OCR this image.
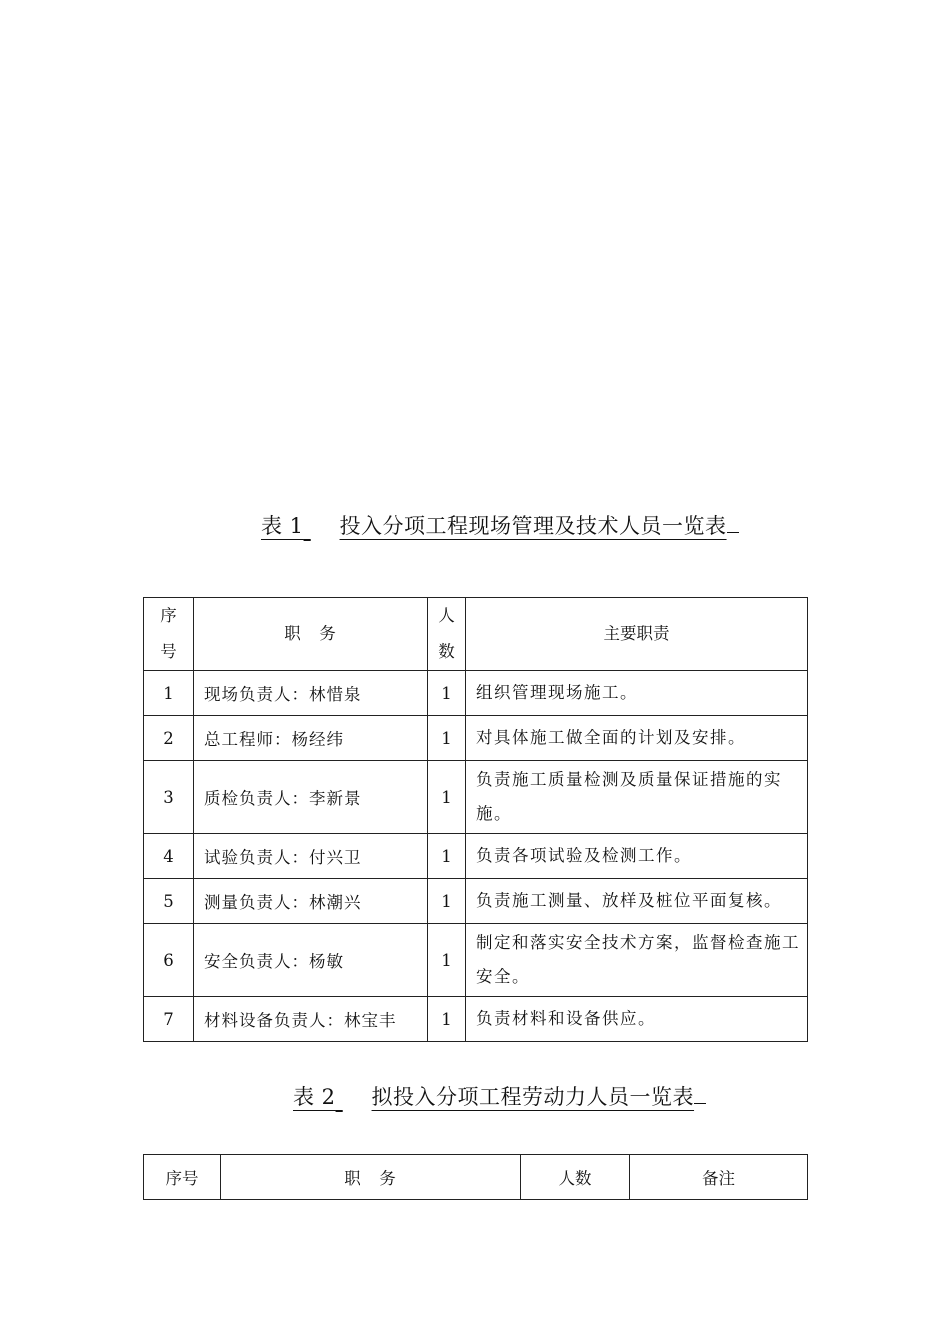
表 1 投入分项工程现场管理及技术人员一览表
序号	职　务	人数	主要职责
1	现场负责人：林惜泉	1	组织管理现场施工。
2	总工程师：杨经纬	1	对具体施工做全面的计划及安排。
3	质检负责人：李新景	1	负责施工质量检测及质量保证措施的实施。
4	试验负责人：付兴卫	1	负责各项试验及检测工作。
5	测量负责人：林潮兴	1	负责施工测量、放样及桩位平面复核。
6	安全负责人：杨敏	1	制定和落实安全技术方案，监督检查施工安全。
7	材料设备负责人：林宝丰	1	负责材料和设备供应。
表 2 拟投入分项工程劳动力人员一览表
序号	职　务	人数	备注
